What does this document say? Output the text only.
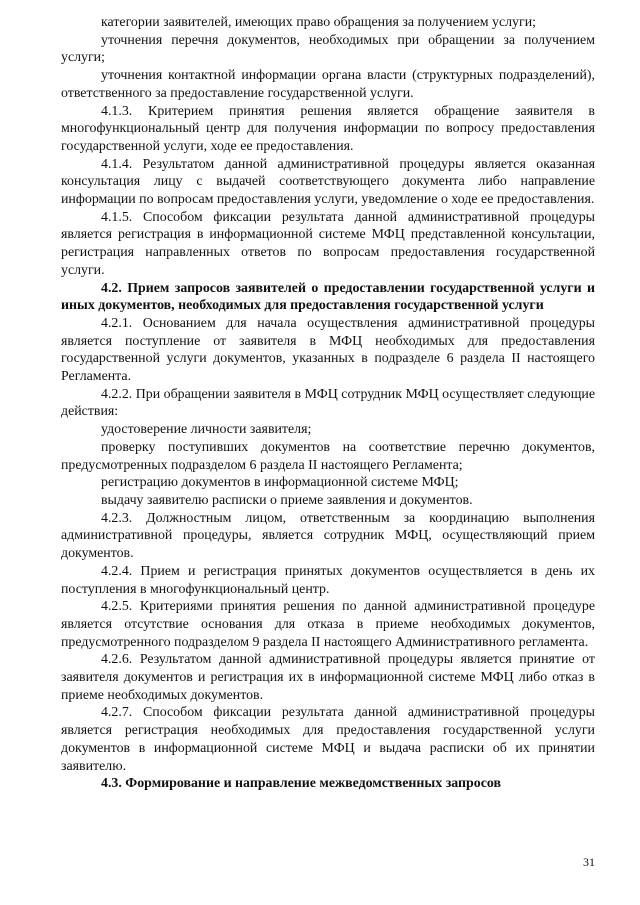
категории заявителей, имеющих право обращения за получением услуги;

уточнения перечня документов, необходимых при обращении за получением услуги;

уточнения контактной информации органа власти (структурных подразделений), ответственного за предоставление государственной услуги.

4.1.3. Критерием принятия решения является обращение заявителя в многофункциональный центр для получения информации по вопросу предоставления государственной услуги, ходе ее предоставления.

4.1.4. Результатом данной административной процедуры является оказанная консультация лицу с выдачей соответствующего документа либо направление информации по вопросам предоставления услуги, уведомление о ходе ее предоставления.

4.1.5. Способом фиксации результата данной административной процедуры является регистрация в информационной системе МФЦ представленной консультации, регистрация направленных ответов по вопросам предоставления государственной услуги.

4.2. Прием запросов заявителей о предоставлении государственной услуги и иных документов, необходимых для предоставления государственной услуги

4.2.1. Основанием для начала осуществления административной процедуры является поступление от заявителя в МФЦ необходимых для предоставления государственной услуги документов, указанных в подразделе 6 раздела II настоящего Регламента.

4.2.2. При обращении заявителя в МФЦ сотрудник МФЦ осуществляет следующие действия:

удостоверение личности заявителя;

проверку поступивших документов на соответствие перечню документов, предусмотренных подразделом 6 раздела II настоящего Регламента;

регистрацию документов в информационной системе МФЦ;

выдачу заявителю расписки о приеме заявления и документов.

4.2.3. Должностным лицом, ответственным за координацию выполнения административной процедуры, является сотрудник МФЦ, осуществляющий прием документов.

4.2.4. Прием и регистрация принятых документов осуществляется в день их поступления в многофункциональный центр.

4.2.5. Критериями принятия решения по данной административной процедуре является отсутствие основания для отказа в приеме необходимых документов, предусмотренного подразделом 9 раздела II настоящего Административного регламента.

4.2.6. Результатом данной административной процедуры является принятие от заявителя документов и регистрация их в информационной системе МФЦ либо отказ в приеме необходимых документов.

4.2.7. Способом фиксации результата данной административной процедуры является регистрация необходимых для предоставления государственной услуги документов в информационной системе МФЦ и выдача расписки об их принятии заявителю.

4.3. Формирование и направление межведомственных запросов

31
